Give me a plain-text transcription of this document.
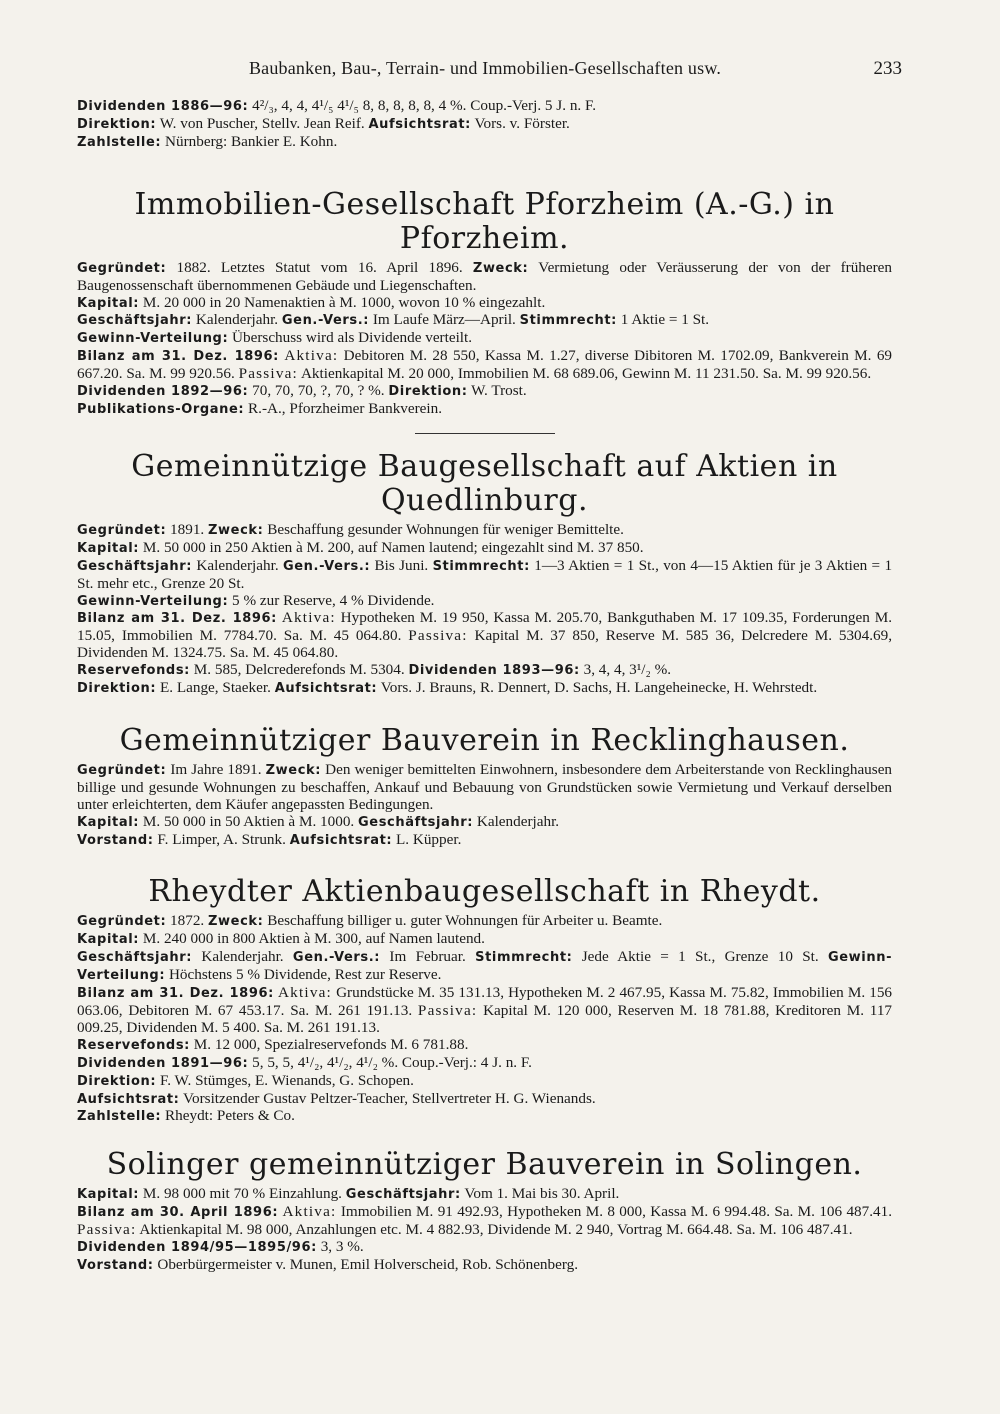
Baubanken, Bau-, Terrain- und Immobilien-Gesellschaften usw.	233

Dividenden 1886—96: 4²/₃, 4, 4, 4¹/₅ 4¹/₅ 8, 8, 8, 8, 8, 4 %. Coup.-Verj. 5 J. n. F.

Direktion: W. von Puscher, Stellv. Jean Reif. Aufsichtsrat: Vors. v. Förster.

Zahlstelle: Nürnberg: Bankier E. Kohn.

Immobilien-Gesellschaft Pforzheim (A.-G.) in Pforzheim.

Gegründet: 1882. Letztes Statut vom 16. April 1896. Zweck: Vermietung oder Veräusserung der von der früheren Baugenossenschaft übernommenen Gebäude und Liegenschaften.

Kapital: M. 20 000 in 20 Namenaktien à M. 1000, wovon 10 % eingezahlt.

Geschäftsjahr: Kalenderjahr. Gen.-Vers.: Im Laufe März—April. Stimmrecht: 1 Aktie = 1 St.

Gewinn-Verteilung: Überschuss wird als Dividende verteilt.

Bilanz am 31. Dez. 1896: Aktiva: Debitoren M. 28 550, Kassa M. 1.27, diverse Dibitoren M. 1702.09, Bankverein M. 69 667.20. Sa. M. 99 920.56. Passiva: Aktienkapital M. 20 000, Immobilien M. 68 689.06, Gewinn M. 11 231.50. Sa. M. 99 920.56.

Dividenden 1892—96: 70, 70, 70, ?, 70, ? %. Direktion: W. Trost.

Publikations-Organe: R.-A., Pforzheimer Bankverein.

Gemeinnützige Baugesellschaft auf Aktien in Quedlinburg.

Gegründet: 1891. Zweck: Beschaffung gesunder Wohnungen für weniger Bemittelte.

Kapital: M. 50 000 in 250 Aktien à M. 200, auf Namen lautend; eingezahlt sind M. 37 850.

Geschäftsjahr: Kalenderjahr. Gen.-Vers.: Bis Juni. Stimmrecht: 1—3 Aktien = 1 St., von 4—15 Aktien für je 3 Aktien = 1 St. mehr etc., Grenze 20 St.

Gewinn-Verteilung: 5 % zur Reserve, 4 % Dividende.

Bilanz am 31. Dez. 1896: Aktiva: Hypotheken M. 19 950, Kassa M. 205.70, Bankguthaben M. 17 109.35, Forderungen M. 15.05, Immobilien M. 7784.70. Sa. M. 45 064.80. Passiva: Kapital M. 37 850, Reserve M. 585 36, Delcredere M. 5304.69, Dividenden M. 1324.75. Sa. M. 45 064.80.

Reservefonds: M. 585, Delcrederefonds M. 5304. Dividenden 1893—96: 3, 4, 4, 3¹/₂ %.

Direktion: E. Lange, Staeker. Aufsichtsrat: Vors. J. Brauns, R. Dennert, D. Sachs, H. Langeheinecke, H. Wehrstedt.

Gemeinnütziger Bauverein in Recklinghausen.

Gegründet: Im Jahre 1891. Zweck: Den weniger bemittelten Einwohnern, insbesondere dem Arbeiterstande von Recklinghausen billige und gesunde Wohnungen zu beschaffen, Ankauf und Bebauung von Grundstücken sowie Vermietung und Verkauf derselben unter erleichterten, dem Käufer angepassten Bedingungen.

Kapital: M. 50 000 in 50 Aktien à M. 1000. Geschäftsjahr: Kalenderjahr.

Vorstand: F. Limper, A. Strunk. Aufsichtsrat: L. Küpper.

Rheydter Aktienbaugesellschaft in Rheydt.

Gegründet: 1872. Zweck: Beschaffung billiger u. guter Wohnungen für Arbeiter u. Beamte.

Kapital: M. 240 000 in 800 Aktien à M. 300, auf Namen lautend.

Geschäftsjahr: Kalenderjahr. Gen.-Vers.: Im Februar. Stimmrecht: Jede Aktie = 1 St., Grenze 10 St. Gewinn-Verteilung: Höchstens 5 % Dividende, Rest zur Reserve.

Bilanz am 31. Dez. 1896: Aktiva: Grundstücke M. 35 131.13, Hypotheken M. 2 467.95, Kassa M. 75.82, Immobilien M. 156 063.06, Debitoren M. 67 453.17. Sa. M. 261 191.13. Passiva: Kapital M. 120 000, Reserven M. 18 781.88, Kreditoren M. 117 009.25, Dividenden M. 5 400. Sa. M. 261 191.13.

Reservefonds: M. 12 000, Spezialreservefonds M. 6 781.88.

Dividenden 1891—96: 5, 5, 5, 4¹/₂, 4¹/₂, 4¹/₂ %. Coup.-Verj.: 4 J. n. F.

Direktion: F. W. Stümges, E. Wienands, G. Schopen.

Aufsichtsrat: Vorsitzender Gustav Peltzer-Teacher, Stellvertreter H. G. Wienands.

Zahlstelle: Rheydt: Peters & Co.

Solinger gemeinnütziger Bauverein in Solingen.

Kapital: M. 98 000 mit 70 % Einzahlung. Geschäftsjahr: Vom 1. Mai bis 30. April.

Bilanz am 30. April 1896: Aktiva: Immobilien M. 91 492.93, Hypotheken M. 8 000, Kassa M. 6 994.48. Sa. M. 106 487.41. Passiva: Aktienkapital M. 98 000, Anzahlungen etc. M. 4 882.93, Dividende M. 2 940, Vortrag M. 664.48. Sa. M. 106 487.41.

Dividenden 1894/95—1895/96: 3, 3 %.

Vorstand: Oberbürgermeister v. Munen, Emil Holverscheid, Rob. Schönenberg.
